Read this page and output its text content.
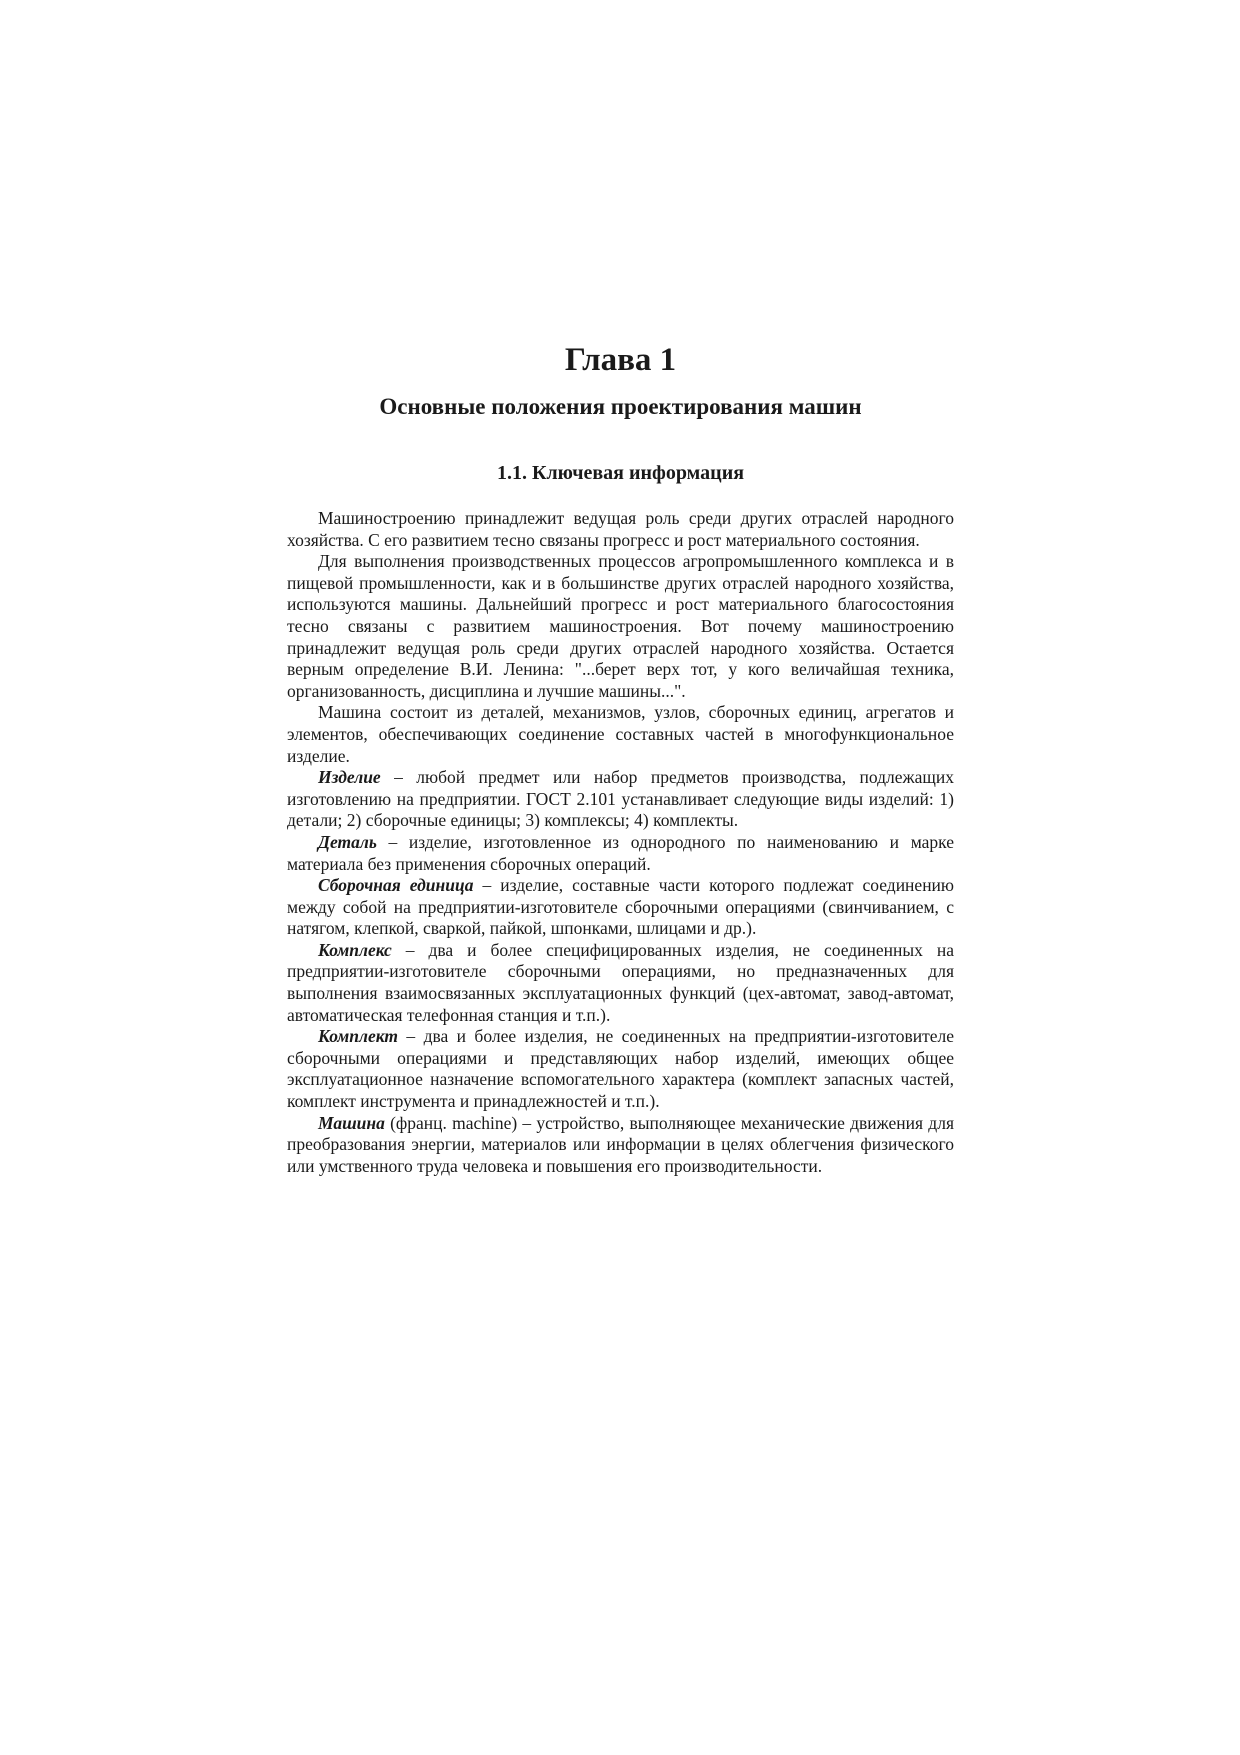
Глава 1
Основные положения проектирования машин
1.1. Ключевая информация

Машиностроению принадлежит ведущая роль среди других отраслей народного хозяйства. С его развитием тесно связаны прогресс и рост материального состояния.

Для выполнения производственных процессов агропромышленного комплекса и в пищевой промышленности, как и в большинстве других отраслей народного хозяйства, используются машины. Дальнейший прогресс и рост материального благосостояния тесно связаны с развитием машиностроения. Вот почему машиностроению принадлежит ведущая роль среди других отраслей народного хозяйства. Остается верным определение В.И. Ленина: "...берет верх тот, у кого величайшая техника, организованность, дисциплина и лучшие машины...".

Машина состоит из деталей, механизмов, узлов, сборочных единиц, агрегатов и элементов, обеспечивающих соединение составных частей в многофункциональное изделие.

Изделие – любой предмет или набор предметов производства, подлежащих изготовлению на предприятии. ГОСТ 2.101 устанавливает следующие виды изделий: 1) детали; 2) сборочные единицы; 3) комплексы; 4) комплекты.

Деталь – изделие, изготовленное из однородного по наименованию и марке материала без применения сборочных операций.

Сборочная единица – изделие, составные части которого подлежат соединению между собой на предприятии-изготовителе сборочными операциями (свинчиванием, с натягом, клепкой, сваркой, пайкой, шпонками, шлицами и др.).

Комплекс – два и более специфицированных изделия, не соединенных на предприятии-изготовителе сборочными операциями, но предназначенных для выполнения взаимосвязанных эксплуатационных функций (цех-автомат, завод-автомат, автоматическая телефонная станция и т.п.).

Комплект – два и более изделия, не соединенных на предприятии-изготовителе сборочными операциями и представляющих набор изделий, имеющих общее эксплуатационное назначение вспомогательного характера (комплект запасных частей, комплект инструмента и принадлежностей и т.п.).

Машина (франц. machine) – устройство, выполняющее механические движения для преобразования энергии, материалов или информации в целях облегчения физического или умственного труда человека и повышения его производительности.
